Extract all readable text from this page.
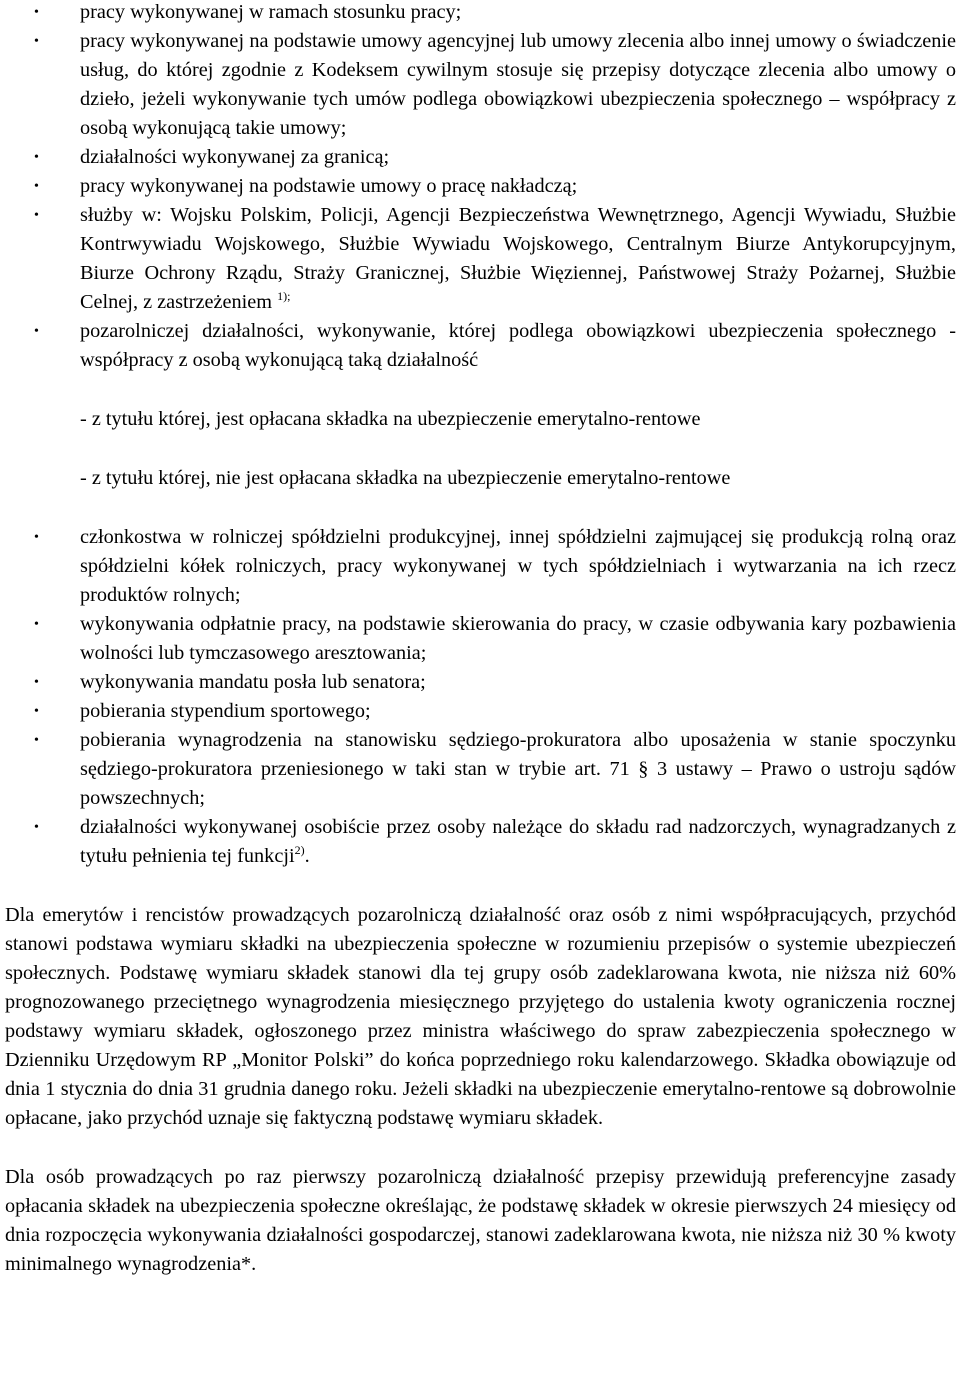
• pracy wykonywanej w ramach stosunku pracy;
• pracy wykonywanej na podstawie umowy agencyjnej lub umowy zlecenia albo innej umowy o świadczenie usług, do której zgodnie z Kodeksem cywilnym stosuje się przepisy dotyczące zlecenia albo umowy o dzieło, jeżeli wykonywanie tych umów podlega obowiązkowi ubezpieczenia społecznego – współpracy z osobą wykonującą takie umowy;
• działalności wykonywanej za granicą;
• pracy wykonywanej na podstawie umowy o pracę nakładczą;
• służby w: Wojsku Polskim, Policji, Agencji Bezpieczeństwa Wewnętrznego, Agencji Wywiadu, Służbie Kontrwywiadu Wojskowego, Służbie Wywiadu Wojskowego, Centralnym Biurze Antykorupcyjnym, Biurze Ochrony Rządu, Straży Granicznej, Służbie Więziennej, Państwowej Straży Pożarnej, Służbie Celnej, z zastrzeżeniem $^{1);}$
• pozarolniczej działalności, wykonywanie, której podlega obowiązkowi ubezpieczenia społecznego - współpracy z osobą wykonującą taką działalność
- z tytułu której, jest opłacana składka na ubezpieczenie emerytalno-rentowe
- z tytułu której, nie jest opłacana składka na ubezpieczenie emerytalno-rentowe
• członkostwa w rolniczej spółdzielni produkcyjnej, innej spółdzielni zajmującej się produkcją rolną oraz spółdzielni kółek rolniczych, pracy wykonywanej w tych spółdzielniach i wytwarzania na ich rzecz produktów rolnych;
• wykonywania odpłatnie pracy, na podstawie skierowania do pracy, w czasie odbywania kary pozbawienia wolności lub tymczasowego aresztowania;
• wykonywania mandatu posła lub senatora;
• pobierania stypendium sportowego;
• pobierania wynagrodzenia na stanowisku sędziego-prokuratora albo uposażenia w stanie spoczynku sędziego-prokuratora przeniesionego w taki stan w trybie art. 71 § 3 ustawy – Prawo o ustroju sądów powszechnych;
• działalności wykonywanej osobiście przez osoby należące do składu rad nadzorczych, wynagradzanych z tytułu pełnienia tej funkcji$^{2)}$.

Dla emerytów i rencistów prowadzących pozarolniczą działalność oraz osób z nimi współpracujących, przychód stanowi podstawa wymiaru składki na ubezpieczenia społeczne w rozumieniu przepisów o systemie ubezpieczeń społecznych. Podstawę wymiaru składek stanowi dla tej grupy osób zadeklarowana kwota, nie niższa niż 60% prognozowanego przeciętnego wynagrodzenia miesięcznego przyjętego do ustalenia kwoty ograniczenia rocznej podstawy wymiaru składek, ogłoszonego przez ministra właściwego do spraw zabezpieczenia społecznego w Dzienniku Urzędowym RP „Monitor Polski” do końca poprzedniego roku kalendarzowego. Składka obowiązuje od dnia 1 stycznia do dnia 31 grudnia danego roku. Jeżeli składki na ubezpieczenie emerytalno-rentowe są dobrowolnie opłacane, jako przychód uznaje się faktyczną podstawę wymiaru składek.

Dla osób prowadzących po raz pierwszy pozarolniczą działalność przepisy przewidują preferencyjne zasady opłacania składek na ubezpieczenia społeczne określając, że podstawę składek w okresie pierwszych 24 miesięcy od dnia rozpoczęcia wykonywania działalności gospodarczej, stanowi zadeklarowana kwota, nie niższa niż 30 % kwoty minimalnego wynagrodzenia*.
